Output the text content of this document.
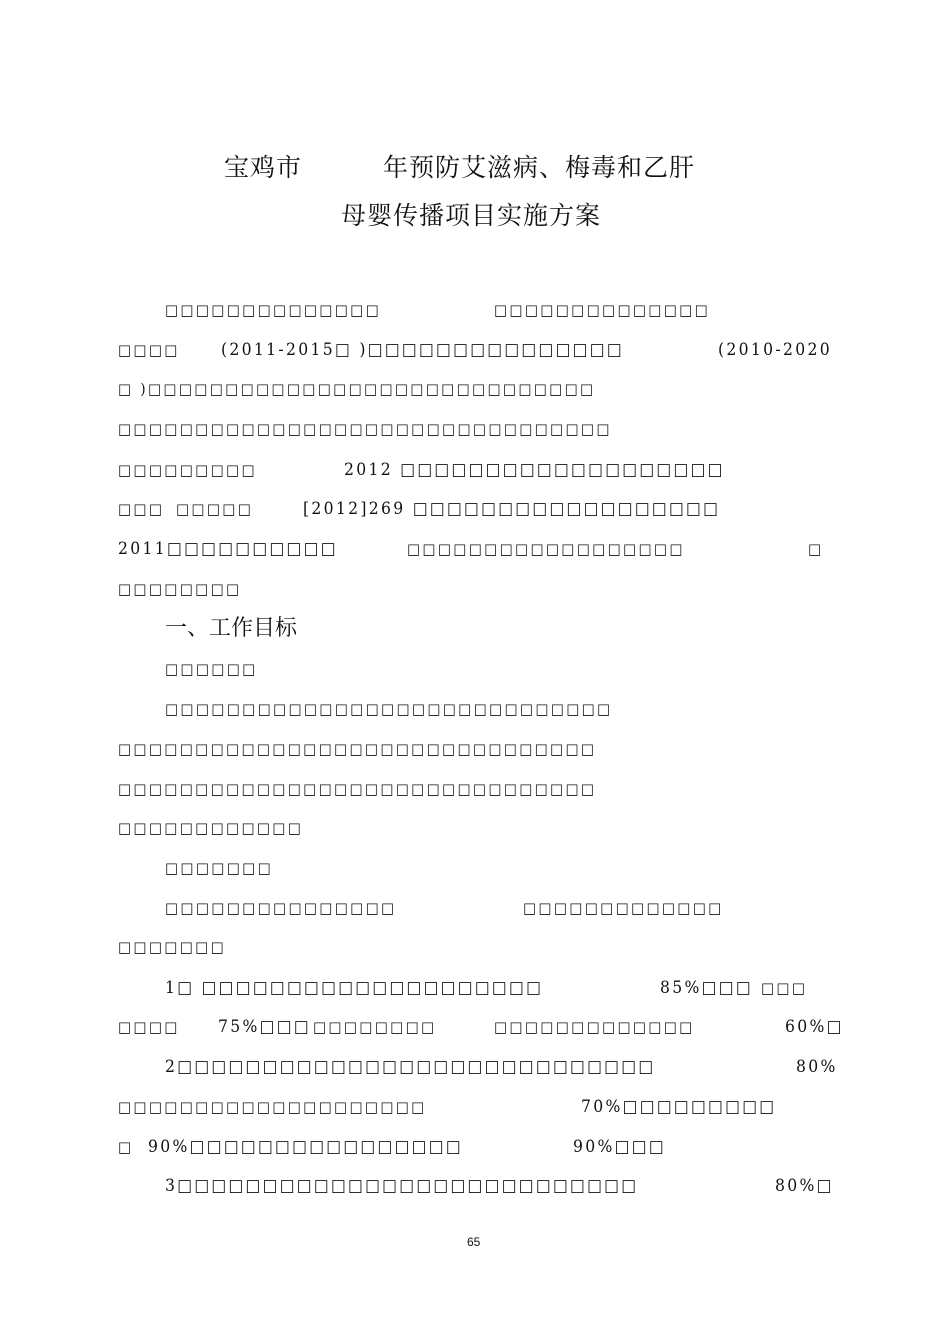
宝鸡市	年预防艾滋病、梅毒和乙肝
母婴传播项目实施方案
□□□□□□□□□□□□□□	□□□□□□□□□□□□□□
□□□□ (2011-2015□ )□□□□□□□□□□□□□□□	(2010-2020
□ )□□□□□□□□□□□□□□□□□□□□□□□□□□□□□
□□□□□□□□□□□□□□□□□□□□□□□□□□□□□□□□
□□□□□□□□□	2012 □□□□□□□□□□□□□□□□□□□
□□□ □□□□□	[2012]269 □□□□□□□□□□□□□□□□□□
2011□□□□□□□□□□	□□□□□□□□□□□□□□□□□□	□
□□□□□□□□
一、工作目标
□□□□□□
□□□□□□□□□□□□□□□□□□□□□□□□□□□□□
□□□□□□□□□□□□□□□□□□□□□□□□□□□□□□□
□□□□□□□□□□□□□□□□□□□□□□□□□□□□□□□
□□□□□□□□□□□□
□□□□□□□
□□□□□□□□□□□□□□□	□□□□□□□□□□□□□
□□□□□□□
1□ □□□□□□□□□□□□□□□□□□□□	85%□□□ □□□
□□□□ 75%□□□ □□□□□□□□	□□□□□□□□□□□□□	60%□
2□□□□□□□□□□□□□□□□□□□□□□□□□□□□	80%
□□□□□□□□□□□□□□□□□□□□	70%□□□□□□□□□
□ 90%□□□□□□□□□□□□□□□□	90%□□□
3□□□□□□□□□□□□□□□□□□□□□□□□□□□	80%□
65
